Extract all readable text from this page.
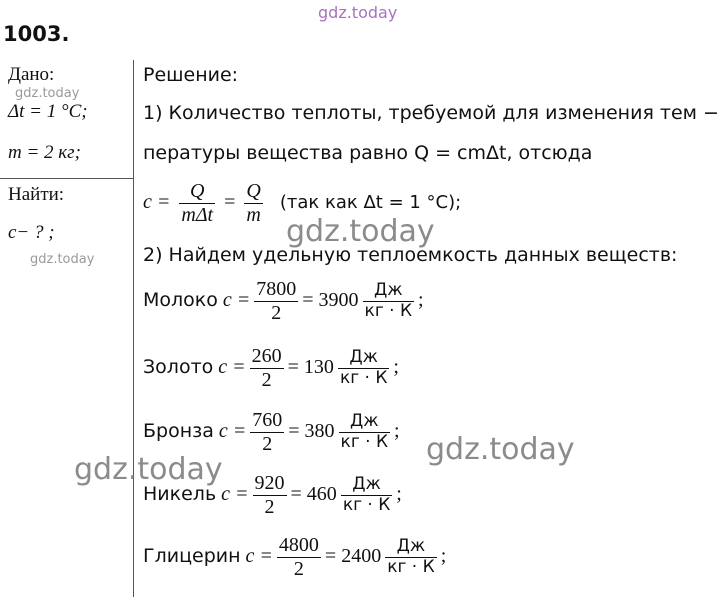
gdz.today
1003.
Дано:
gdz.today
Δt = 1 °C;
m = 2 кг;
Найти:
c− ? ;
gdz.today
Решение:
1) Количество теплоты, требуемой для изменения тем −
пературы вещества равно Q = cmΔt, отсюда
$c = \frac{Q}{\text{mΔt}} = \frac{Q}{m} (так$ как Δt = 1 °C);
gdz.today
2) Найдем удельную теплоемкость данных веществ:
Молоко $c = \frac{7800}{2} = 3900 \frac{Дж}{кг \cdot К}$ ;
Золото $c = \frac{260}{2} = 130 \frac{Дж}{кг \cdot К}$ ;
Бронза $c = \frac{760}{2} = 380 \frac{Дж}{кг \cdot К}$ ;
Никель $c = \frac{920}{2} = 460 \frac{Дж}{кг \cdot К}$ ;
Глицерин $c = \frac{4800}{2} = 2400 \frac{Дж}{кг \cdot К}$ ;
gdz.today
gdz.today
